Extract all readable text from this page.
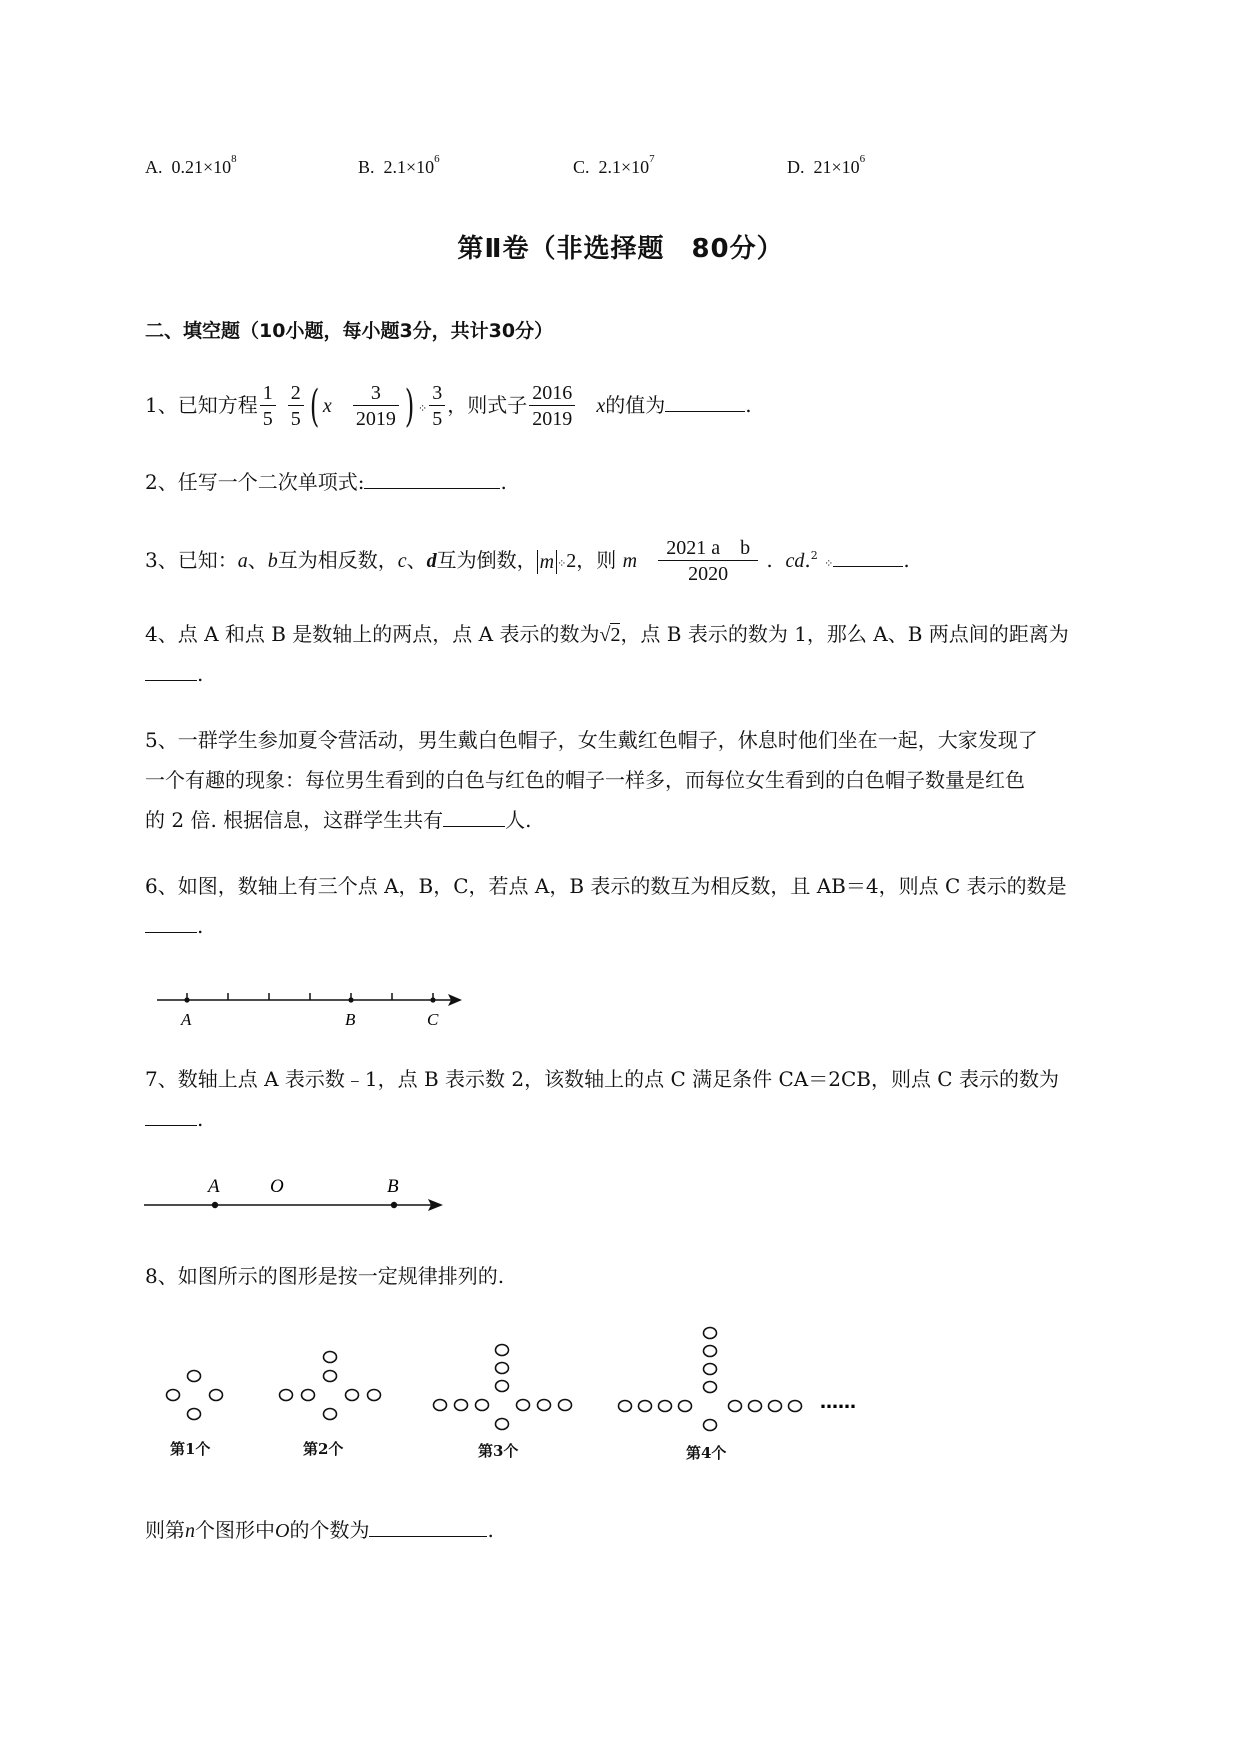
A. $0.21\times 10^8$	B. $2.1\times 10^6$	C. $2.1\times 10^7$	D. $21\times 10^6$
第Ⅱ卷（非选择题　80分）
二、填空题（10小题，每小题3分，共计30分）
1、已知方程 $\frac{1}{5} \frac{2}{5}$ ( x $\frac{3}{2019}$ ) ⁘ $\frac{3}{5}$ ，则式子 $\frac{2016}{2019}$ x的值为	.
2、任写一个二次单项式:	.
3、已知：a、b互为相反数，c、d互为倒数， m ⁘2，则 m $\frac{\text{2021 a　b}}{2020}$ .  cd.$^2$ ⁘	.
4、点 A 和点 B 是数轴上的两点，点 A 表示的数为√2，点 B 表示的数为 1，那么 A、B 两点间的距离为
.
5、一群学生参加夏令营活动，男生戴白色帽子，女生戴红色帽子，休息时他们坐在一起，大家发现了
一个有趣的现象：每位男生看到的白色与红色的帽子一样多，而每位女生看到的白色帽子数量是红色
的 2 倍. 根据信息，这群学生共有	人.
6、如图，数轴上有三个点 A，B，C，若点 A，B 表示的数互为相反数，且 AB＝4，则点 C 表示的数是
.
A	B	C
7、数轴上点 A 表示数﹣1，点 B 表示数 2，该数轴上的点 C 满足条件 CA＝2CB，则点 C 表示的数为
.
A	O	B
8、如图所示的图形是按一定规律排列的.
……
第1个	第2个	第3个	第4个
则第n个图形中O的个数为	.
